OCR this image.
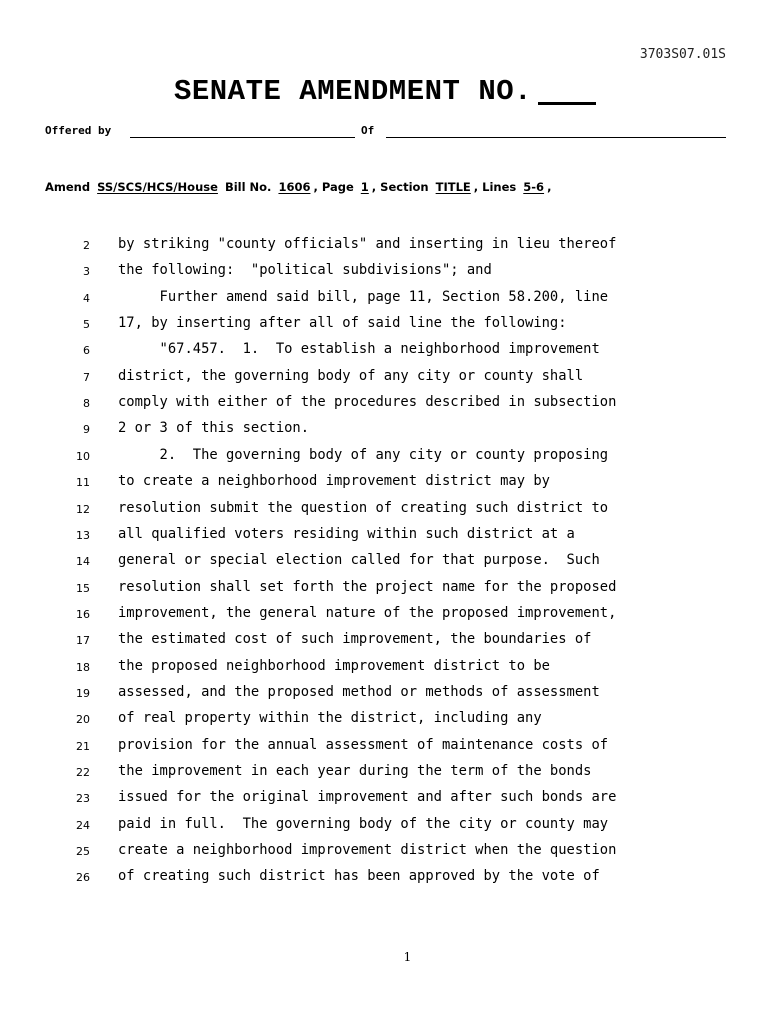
3703S07.01S
SENATE AMENDMENT NO.
Offered by	Of
Amend SS/SCS/HCS/House Bill No. 1606 , Page 1 , Section TITLE , Lines 5-6 ,
2 by striking "county officials" and inserting in lieu thereof
3 the following:  "political subdivisions"; and
4 Further amend said bill, page 11, Section 58.200, line
5 17, by inserting after all of said line the following:
6 "67.457.  1.  To establish a neighborhood improvement
7 district, the governing body of any city or county shall
8 comply with either of the procedures described in subsection
9 2 or 3 of this section.
10 2.  The governing body of any city or county proposing
11 to create a neighborhood improvement district may by
12 resolution submit the question of creating such district to
13 all qualified voters residing within such district at a
14 general or special election called for that purpose.  Such
15 resolution shall set forth the project name for the proposed
16 improvement, the general nature of the proposed improvement,
17 the estimated cost of such improvement, the boundaries of
18 the proposed neighborhood improvement district to be
19 assessed, and the proposed method or methods of assessment
20 of real property within the district, including any
21 provision for the annual assessment of maintenance costs of
22 the improvement in each year during the term of the bonds
23 issued for the original improvement and after such bonds are
24 paid in full.  The governing body of the city or county may
25 create a neighborhood improvement district when the question
26 of creating such district has been approved by the vote of
1
